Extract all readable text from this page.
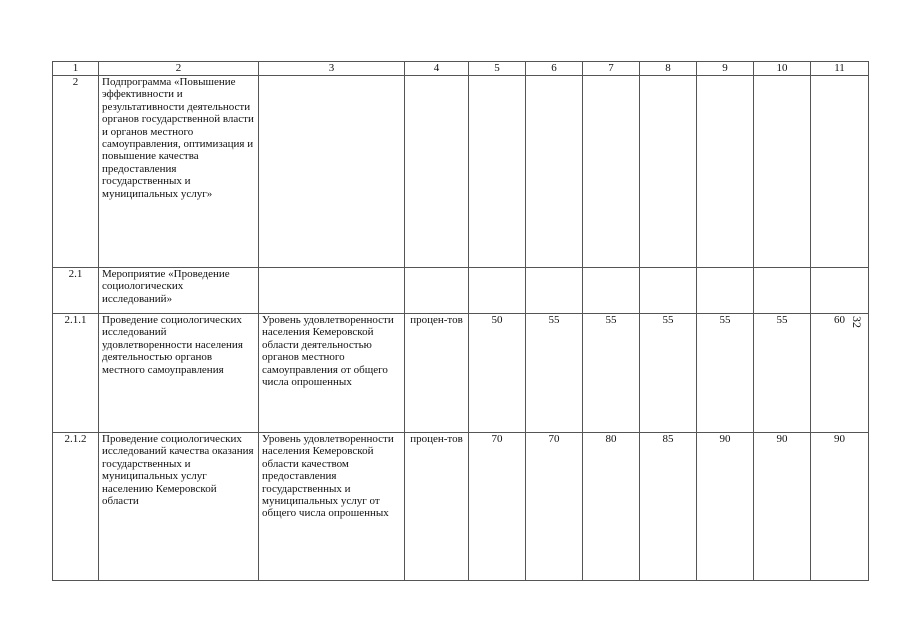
1	2	3	4	5	6	7	8	9	10	11
2	Подпрограмма «Повышение эффективности и результативности деятельности органов государственной власти и органов местного самоуправления, оптимизация и повышение качества предоставления государственных и муниципальных услуг»									
2.1	Мероприятие «Проведение социологических исследований»									
2.1.1	Проведение социологических исследований удовлетворенности населения деятельностью органов местного самоуправления	Уровень удовлетворенности населения Кемеровской области деятельностью органов местного самоуправления от общего числа опрошенных	процен-тов	50	55	55	55	55	55	60
2.1.2	Проведение социологических исследований качества оказания государственных и муниципальных услуг населению Кемеровской области	Уровень удовлетворенности населения Кемеровской области качеством предоставления государственных и муниципальных услуг от общего числа опрошенных	процен-тов	70	70	80	85	90	90	90
32
